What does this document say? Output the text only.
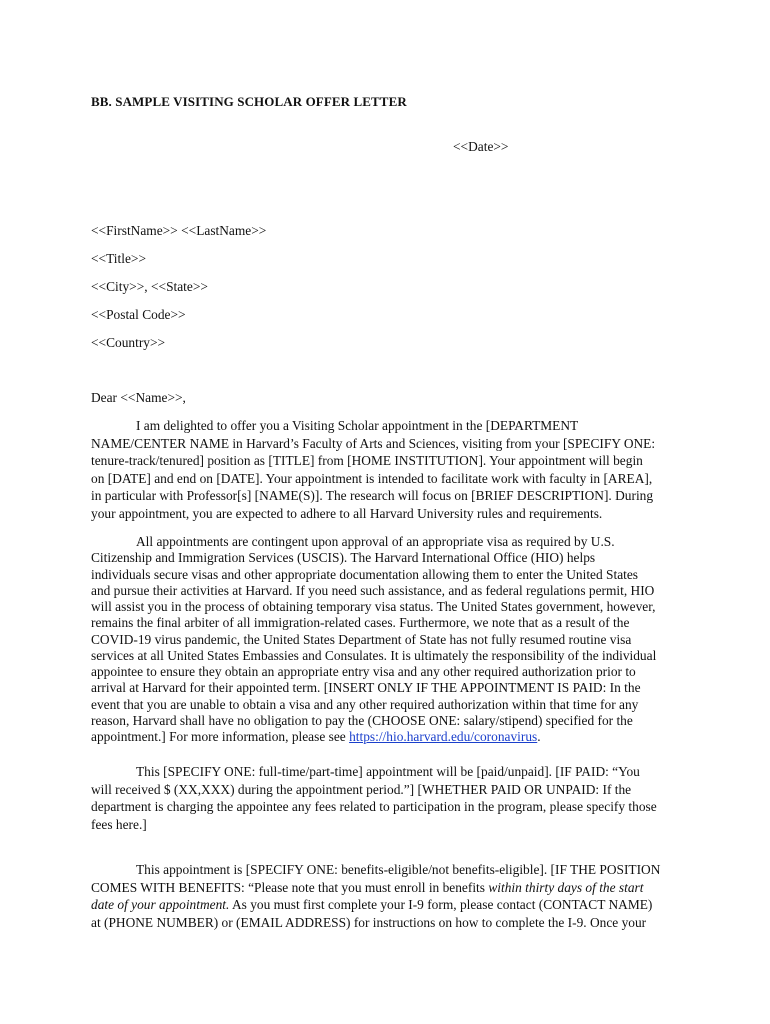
BB. SAMPLE VISITING SCHOLAR OFFER LETTER

<<Date>>

<<FirstName>> <<LastName>>

<<Title>>

<<City>>, <<State>>

<<Postal Code>>

<<Country>>

Dear <<Name>>,

I am delighted to offer you a Visiting Scholar appointment in the [DEPARTMENT
NAME/CENTER NAME in Harvard’s Faculty of Arts and Sciences, visiting from your [SPECIFY ONE:
tenure-track/tenured] position as [TITLE] from [HOME INSTITUTION]. Your appointment will begin
on [DATE] and end on [DATE]. Your appointment is intended to facilitate work with faculty in [AREA],
in particular with Professor[s] [NAME(S)]. The research will focus on [BRIEF DESCRIPTION]. During
your appointment, you are expected to adhere to all Harvard University rules and requirements.
All appointments are contingent upon approval of an appropriate visa as required by U.S.
Citizenship and Immigration Services (USCIS). The Harvard International Office (HIO) helps
individuals secure visas and other appropriate documentation allowing them to enter the United States
and pursue their activities at Harvard. If you need such assistance, and as federal regulations permit, HIO
will assist you in the process of obtaining temporary visa status. The United States government, however,
remains the final arbiter of all immigration-related cases. Furthermore, we note that as a result of the
COVID-19 virus pandemic, the United States Department of State has not fully resumed routine visa
services at all United States Embassies and Consulates. It is ultimately the responsibility of the individual
appointee to ensure they obtain an appropriate entry visa and any other required authorization prior to
arrival at Harvard for their appointed term. [INSERT ONLY IF THE APPOINTMENT IS PAID: In the
event that you are unable to obtain a visa and any other required authorization within that time for any
reason, Harvard shall have no obligation to pay the (CHOOSE ONE: salary/stipend) specified for the
appointment.] For more information, please see https://hio.harvard.edu/coronavirus.
This [SPECIFY ONE: full-time/part-time] appointment will be [paid/unpaid]. [IF PAID: “You
will received $ (XX,XXX) during the appointment period.”] [WHETHER PAID OR UNPAID: If the
department is charging the appointee any fees related to participation in the program, please specify those
fees here.]
This appointment is [SPECIFY ONE: benefits-eligible/not benefits-eligible]. [IF THE POSITION
COMES WITH BENEFITS: “Please note that you must enroll in benefits within thirty days of the start
date of your appointment. As you must first complete your I-9 form, please contact (CONTACT NAME)
at (PHONE NUMBER) or (EMAIL ADDRESS) for instructions on how to complete the I-9. Once your
